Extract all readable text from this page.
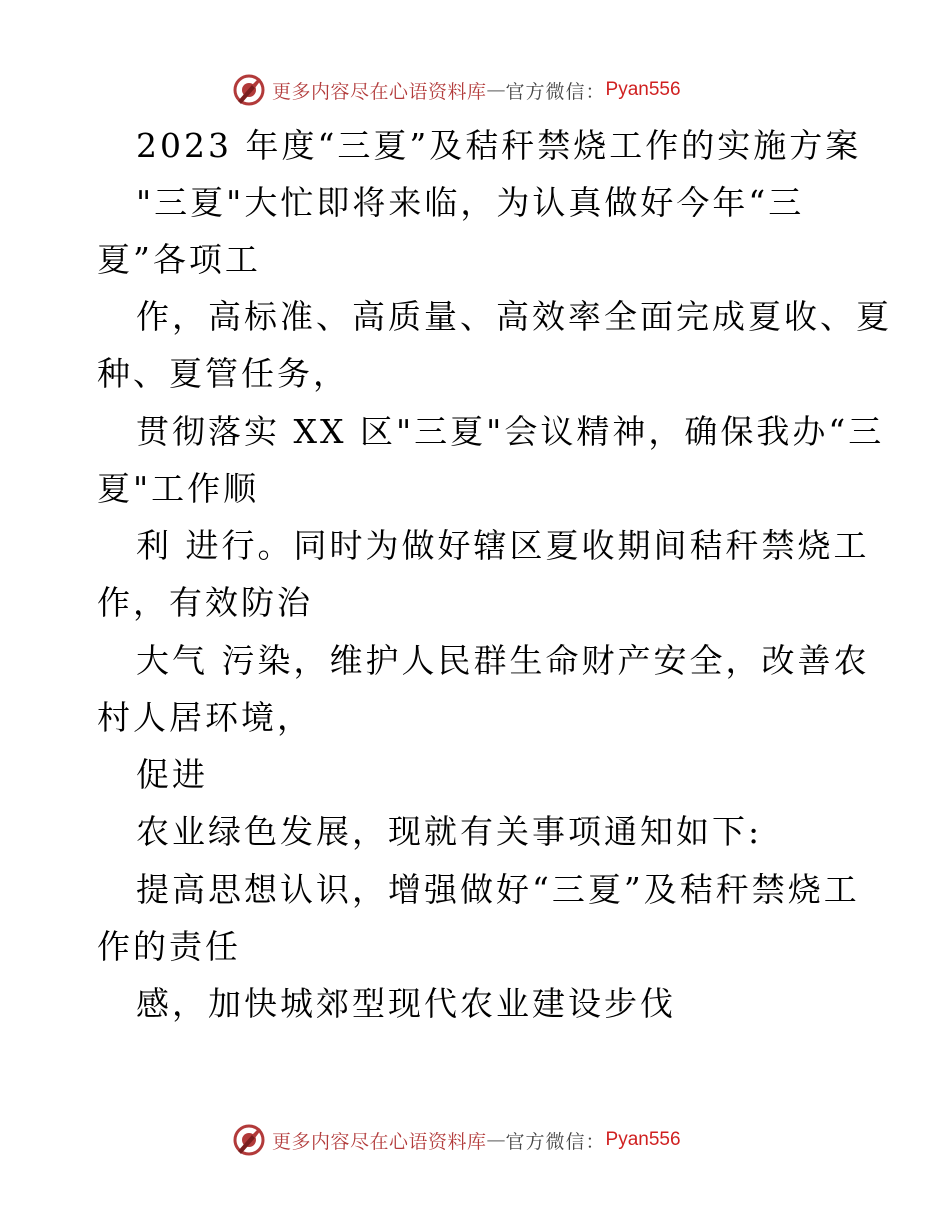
更多内容尽在心语资料库 — 官方微信： Pyan556
2023 年度“三夏”及秸秆禁烧工作的实施方案
"三夏"大忙即将来临，为认真做好今年“三
夏”各项工
作，高标准、高质量、高效率全面完成夏收、夏
种、夏管任务，
贯彻落实 XX 区"三夏"会议精神，确保我办“三
夏"工作顺
利 进行。同时为做好辖区夏收期间秸秆禁烧工
作，有效防治
大气 污染，维护人民群生命财产安全，改善农
村人居环境，
促进
农业绿色发展，现就有关事项通知如下:
提高思想认识，增强做好“三夏”及秸秆禁烧工
作的责任
感，加快城郊型现代农业建设步伐
更多内容尽在心语资料库 — 官方微信： Pyan556
